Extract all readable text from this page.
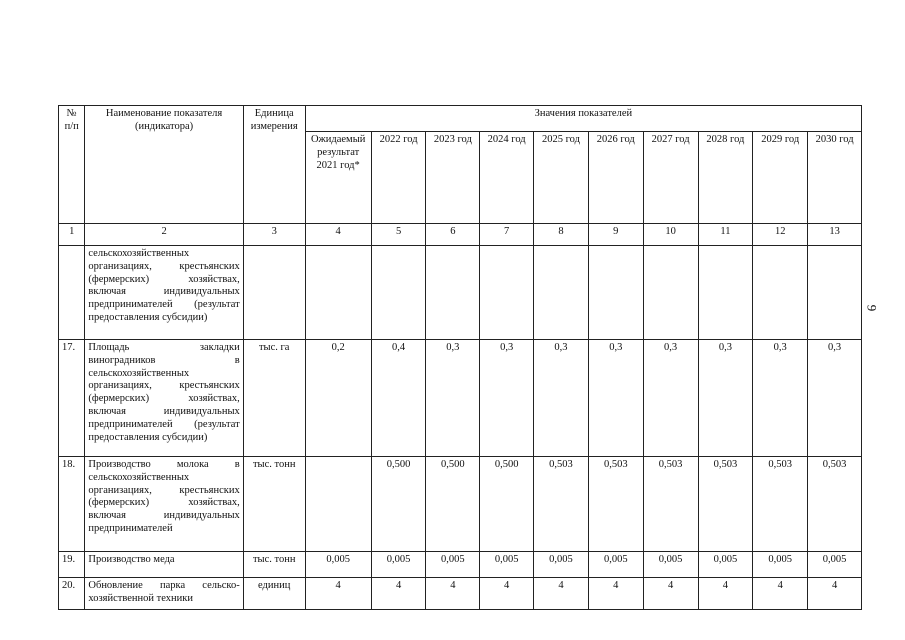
9
№ п/п	Наименование показателя (индикатора)	Единица измерения	Значения показателей									
			Ожидаемый результат 2021 год*	2022 год	2023 год	2024 год	2025 год	2026 год	2027 год	2028 год	2029 год	2030 год
1	2	3	4	5	6	7	8	9	10	11	12	13
	сельскохозяйственных организациях, крестьянских (фермерских) хозяйствах, включая индивидуальных предпринимателей (результат предоставления субсидии)											
17.	Площадь закладки виноградников в сельскохозяйственных организациях, крестьянских (фермерских) хозяйствах, включая индивидуальных предпринимателей (результат предоставления субсидии)	тыс. га	0,2	0,4	0,3	0,3	0,3	0,3	0,3	0,3	0,3	0,3
18.	Производство молока в сельскохозяйственных организациях, крестьянских (фермерских) хозяйствах, включая индивидуальных предпринимателей	тыс. тонн		0,500	0,500	0,500	0,503	0,503	0,503	0,503	0,503	0,503
19.	Производство меда	тыс. тонн	0,005	0,005	0,005	0,005	0,005	0,005	0,005	0,005	0,005	0,005
20.	Обновление парка сельско-хозяйственной техники	единиц	4	4	4	4	4	4	4	4	4	4
